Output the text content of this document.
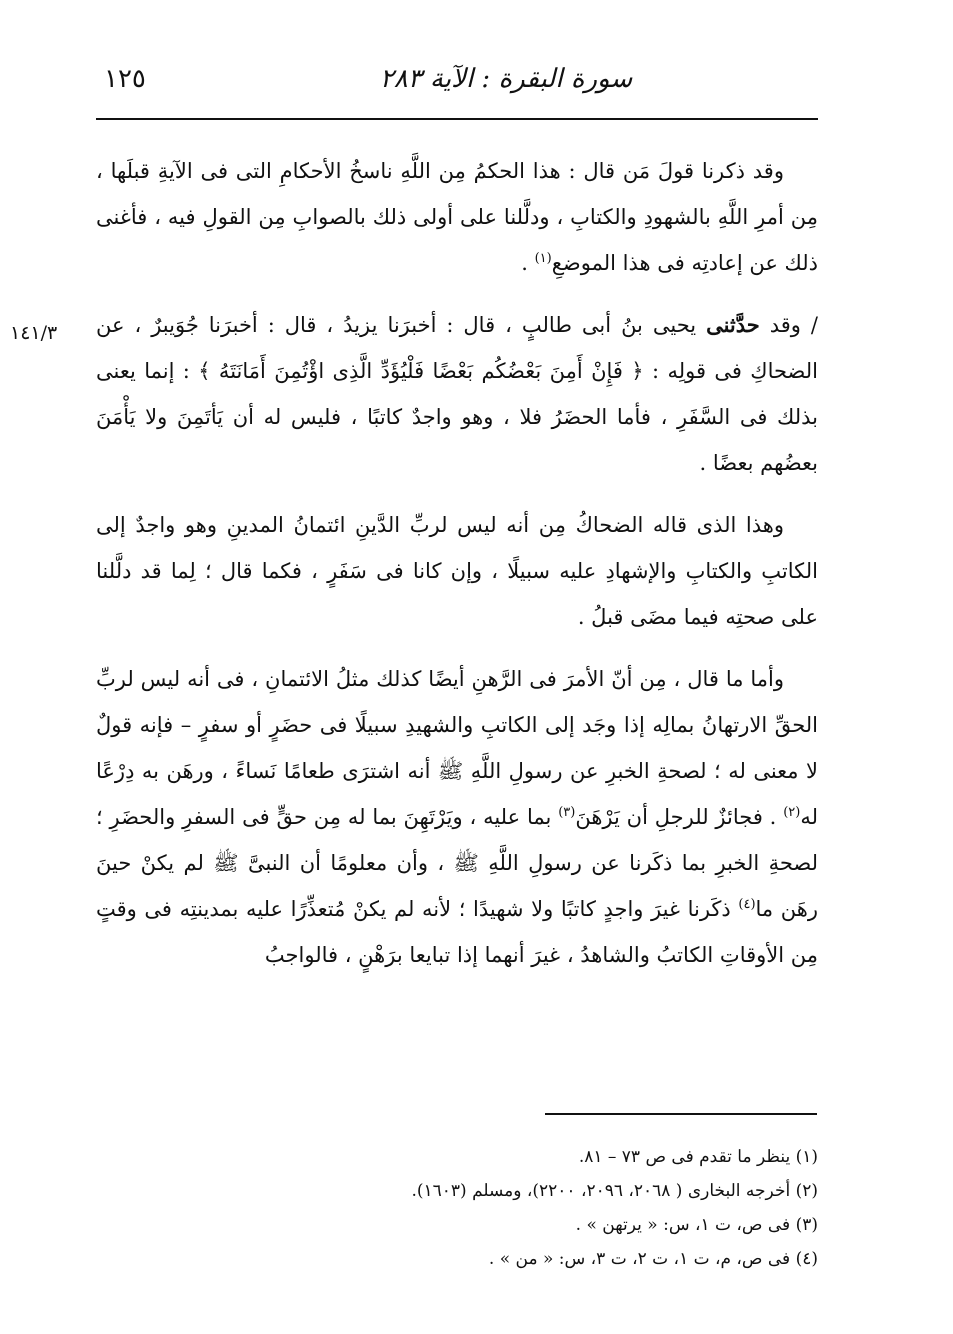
١٢٥	سورة البقرة : الآية ٢٨٣
١٤١/٣

وقد ذكرنا قولَ مَن قال : هذا الحكمُ مِن اللَّهِ ناسخُ الأحكامِ التى فى الآيةِ قبلَها ، مِن أمرِ اللَّهِ بالشهودِ والكتابِ ، ودلَّلنا على أولى ذلك بالصوابِ مِن القولِ فيه ، فأغنى ذلك عن إعادتِه فى هذا الموضعِ$^{(١)}$ .

/ وقد حدَّثنى يحيى بنُ أبى طالبٍ ، قال : أخبرَنا يزيدُ ، قال : أخبرَنا جُوَيبرٌ ، عن الضحاكِ فى قولِه : ﴿ فَإِنْ أَمِنَ بَعْضُكُم بَعْضًا فَلْيُؤَدِّ الَّذِى اؤْتُمِنَ أَمَانَتَهُ ﴾ : إنما يعنى بذلك فى السَّفَرِ ، فأما الحضَرُ فلا ، وهو واجدٌ كاتبًا ، فليس له أن يَأتَمِنَ ولا يَأْمَنَ بعضُهم بعضًا .

وهذا الذى قاله الضحاكُ مِن أنه ليس لربِّ الدَّينِ ائتمانُ المدينِ وهو واجدٌ إلى الكاتبِ والكتابِ والإشهادِ عليه سبيلًا ، وإن كانا فى سَفَرٍ ، فكما قال ؛ لِما قد دلَّلنا على صحتِه فيما مضَى قبلُ .

وأما ما قال ، مِن أنّ الأمرَ فى الرَّهنِ أيضًا كذلك مثلُ الائتمانِ ، فى أنه ليس لربِّ الحقِّ الارتهانُ بمالِه إذا وجَد إلى الكاتبِ والشهيدِ سبيلًا فى حضَرٍ أو سفرٍ – فإنه قولٌ لا معنى له ؛ لصحةِ الخبرِ عن رسولِ اللَّهِ ﷺ أنه اشترَى طعامًا نَساءً ، ورهَن به دِرْعًا له$^{(٢)}$ . فجائزٌ للرجلِ أن يَرْهَنَ$^{(٣)}$ بما عليه ، ويَرْتَهِنَ بما له مِن حقٍّ فى السفرِ والحضَرِ ؛ لصحةِ الخبرِ بما ذكَرنا عن رسولِ اللَّهِ ﷺ ، وأن معلومًا أن النبىَّ ﷺ لم يكنْ حينَ رهَن ما$^{(٤)}$ ذكَرنا غيرَ واجدٍ كاتبًا ولا شهيدًا ؛ لأنه لم يكنْ مُتعذِّرًا عليه بمدينتِه فى وقتٍ مِن الأوقاتِ الكاتبُ والشاهدُ ، غيرَ أنهما إذا تبايعا برَهْنٍ ، فالواجبُ

(١) ينظر ما تقدم فى ص ٧٣ – ٨١.

(٢) أخرجه البخارى ( ٢٠٦٨، ٢٠٩٦، ٢٢٠٠)، ومسلم (١٦٠٣).

(٣) فى ص، ت ١، س: « يرتهن » .

(٤) فى ص، م، ت ١، ت ٢، ت ٣، س: « من » .
